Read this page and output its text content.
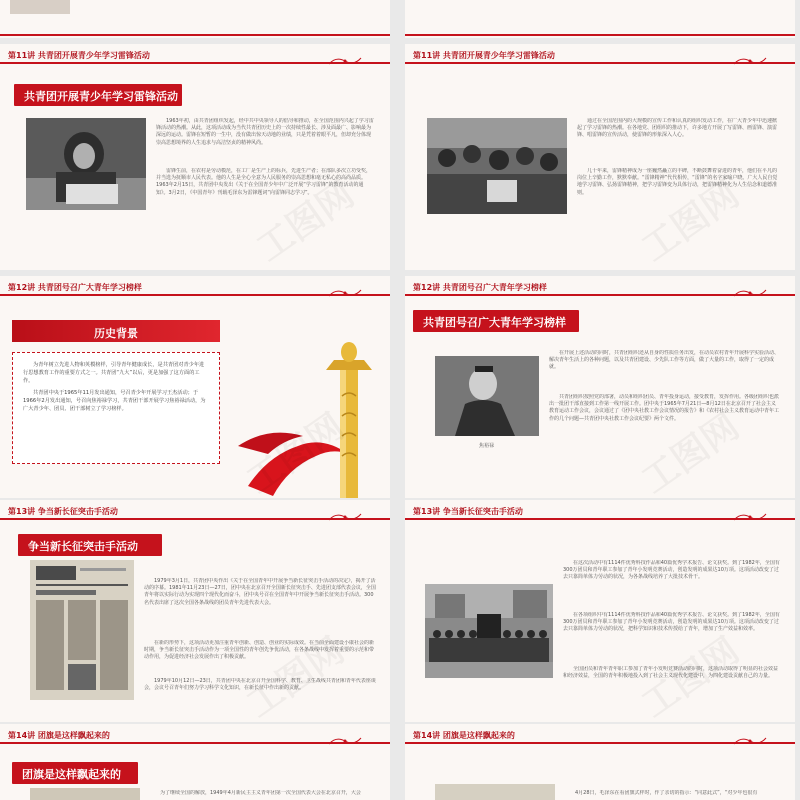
第11讲 共青团开展青少年学习雷锋活动
共青团开展青少年学习雷锋活动

1963年初，由共青团组织发起，经中共中央领导人的倡导和推动，在全国范围内兴起了学习雷锋活动的热潮。从此，这项活动成为当代共青团历史上的一次持续性最长、涉及面最广、影响最为深远的运动。雷锋在短暂的一生中，没有做出惊天动地的业绩，只是凭着着眼平凡，但却充分体现崇高思想境界的人生追求与高洁坚贞的精神风尚。

雷锋生前，在农村是劳动模范，在工厂是生产上的标兵，先进生产者；在部队多次立功受奖，并当选为抚顺市人民代表。他的人生是全心全意为人民服务的崇高思想和毫无私心的高尚品质。1963年2月15日，共青团中央发出《关于在全国青少年中广泛开展“学习雷锋”的教育活动的通知》。3月2日，《中国青年》刊载毛泽东为雷锋题词“向雷锋同志学习”。

第11讲 共青团开展青少年学习雷锋活动

通过在全国范围内的大规模的宣传工作和认真的组织发动工作，在广大青少年中迅速掀起了学习雷锋的热潮。在各地党、团组织的推动下，许多地方开展了写雷锋、画雷锋、演雷锋、唱雷锋的宣传活动，使雷锋的形象深入人心。

几十年来，雷锋精神成为一座巍然矗立的丰碑，不断鼓舞着奋进的青年，他们在平凡的岗位上辛勤工作，默默奉献。“雷锋精神”代代相传，“雷锋”的名字家喻户晓。广大人民自觉地学习雷锋、弘扬雷锋精神，把学习雷锋变为具体行动，把雷锋精神化为人生信念和道德准则。

第12讲 共青团号召广大青年学习榜样
历史背景

为青年树立先进人物和英模榜样，引导青年健康成长，是共青团对青少年进行思想教育工作的重要方式之一。共青团“九大”以后，更是加强了这方面的工作。

共青团中央于1965年11月发出通知，号召青少年开展学习王杰活动；于1966年2月发出通知，号召向焦裕禄学习，共青团干部开展学习焦裕禄活动，为广大青少年、团员、团干部树立了学习榜样。

第12讲 共青团号召广大青年学习榜样
共青团号召广大青年学习榜样
焦裕禄

在开展上述活动的同时，共青团组织还从自身的性质任务出发，在动员农村青年开展科学实验活动、解决青年生活上的各种问题，以及共青团建设、少先队工作等方面，做了大量的工作，取得了一定的成就。

共青团组织按照党的部署，动员和组织团员、青年投身运动，接受教育，发挥作用。各级团组织也派出一批团干部直接到工作第一线开展工作。团中央于1965年7月21日—8月12日在北京召开了社会主义教育运动工作会议，会议通过了《团中央社教工作会议情况的报告》和《农村社会主义教育运动中青年工作的几个问题—共青团中央社教工作会议纪要》两个文件。

第13讲 争当新长征突击手活动
争当新长征突击手活动

1979年3月1日，共青团中央作出《关于在全国青年中开展争当新长征突击手活动的决定》，揭开了活动的序幕。1981年11月23日—27日，团中央在北京召开全国新长征突击手、先进团支部代表会议，全国青年将以实际行动为实现四个现代化而奋斗，团中央号召在全国青年中开展争当新长征突击手活动。300名代表出席了这次全国各条战线的团员青年先进代表大会。

在新的形势下，这项活动更加注重青年创新、创造、创业的实际成效。在当前全面建设小康社会的新时期，争当新长征突击手活动作为一项全国性的青年创先争优活动，在各条战线中发挥着重要的示范和带动作用，为促进经济社会发展作出了积极贡献。

1979年10月12日—23日，共青团中央在北京召开全国科学、教育、卫生战线共青团和青年代表座谈会，会议号召青年们努力学习科学文化知识，在新长征中作出新的贡献。

第13讲 争当新长征突击手活动

在这次活动中有1114件优秀科技作品和40篇优秀学术报告、论文获奖。到了1982年，全国有300万团员和青年职工参加了青年小发明竞赛活动，创造发明的成果达10万项。这项活动改变了过去只靠简单体力劳动的状况，为各条战线培养了大批技术骨干。

在各项组织中有1114件优秀科技作品和40篇优秀学术报告、论文获奖。到了1982年，全国有300万团员和青年职工参加了青年小发明竞赛活动，创造发明的成果达10万项。这项活动改变了过去只靠简单体力劳动的状况，把科学知识和技术传授给了青年，增加了生产效益和效率。

全国团员和青年青年职工参加了青年小发明竞赛活动的同时，这项活动取得了明显的社会效益和经济效益，全国的青年积极地投入到了社会主义现代化建设中，为四化建设贡献自己的力量。

第14讲 团旗是这样飘起来的
团旗是这样飘起来的

为了继续全国的解放，1949年4月新民主主义青年团第一次全国代表大会在北京召开，大会

第14讲 团旗是这样飘起来的

4月28日，毛泽东在看团旗式样时，作了亲切的指示：“同意此式”，“对少年也很有
